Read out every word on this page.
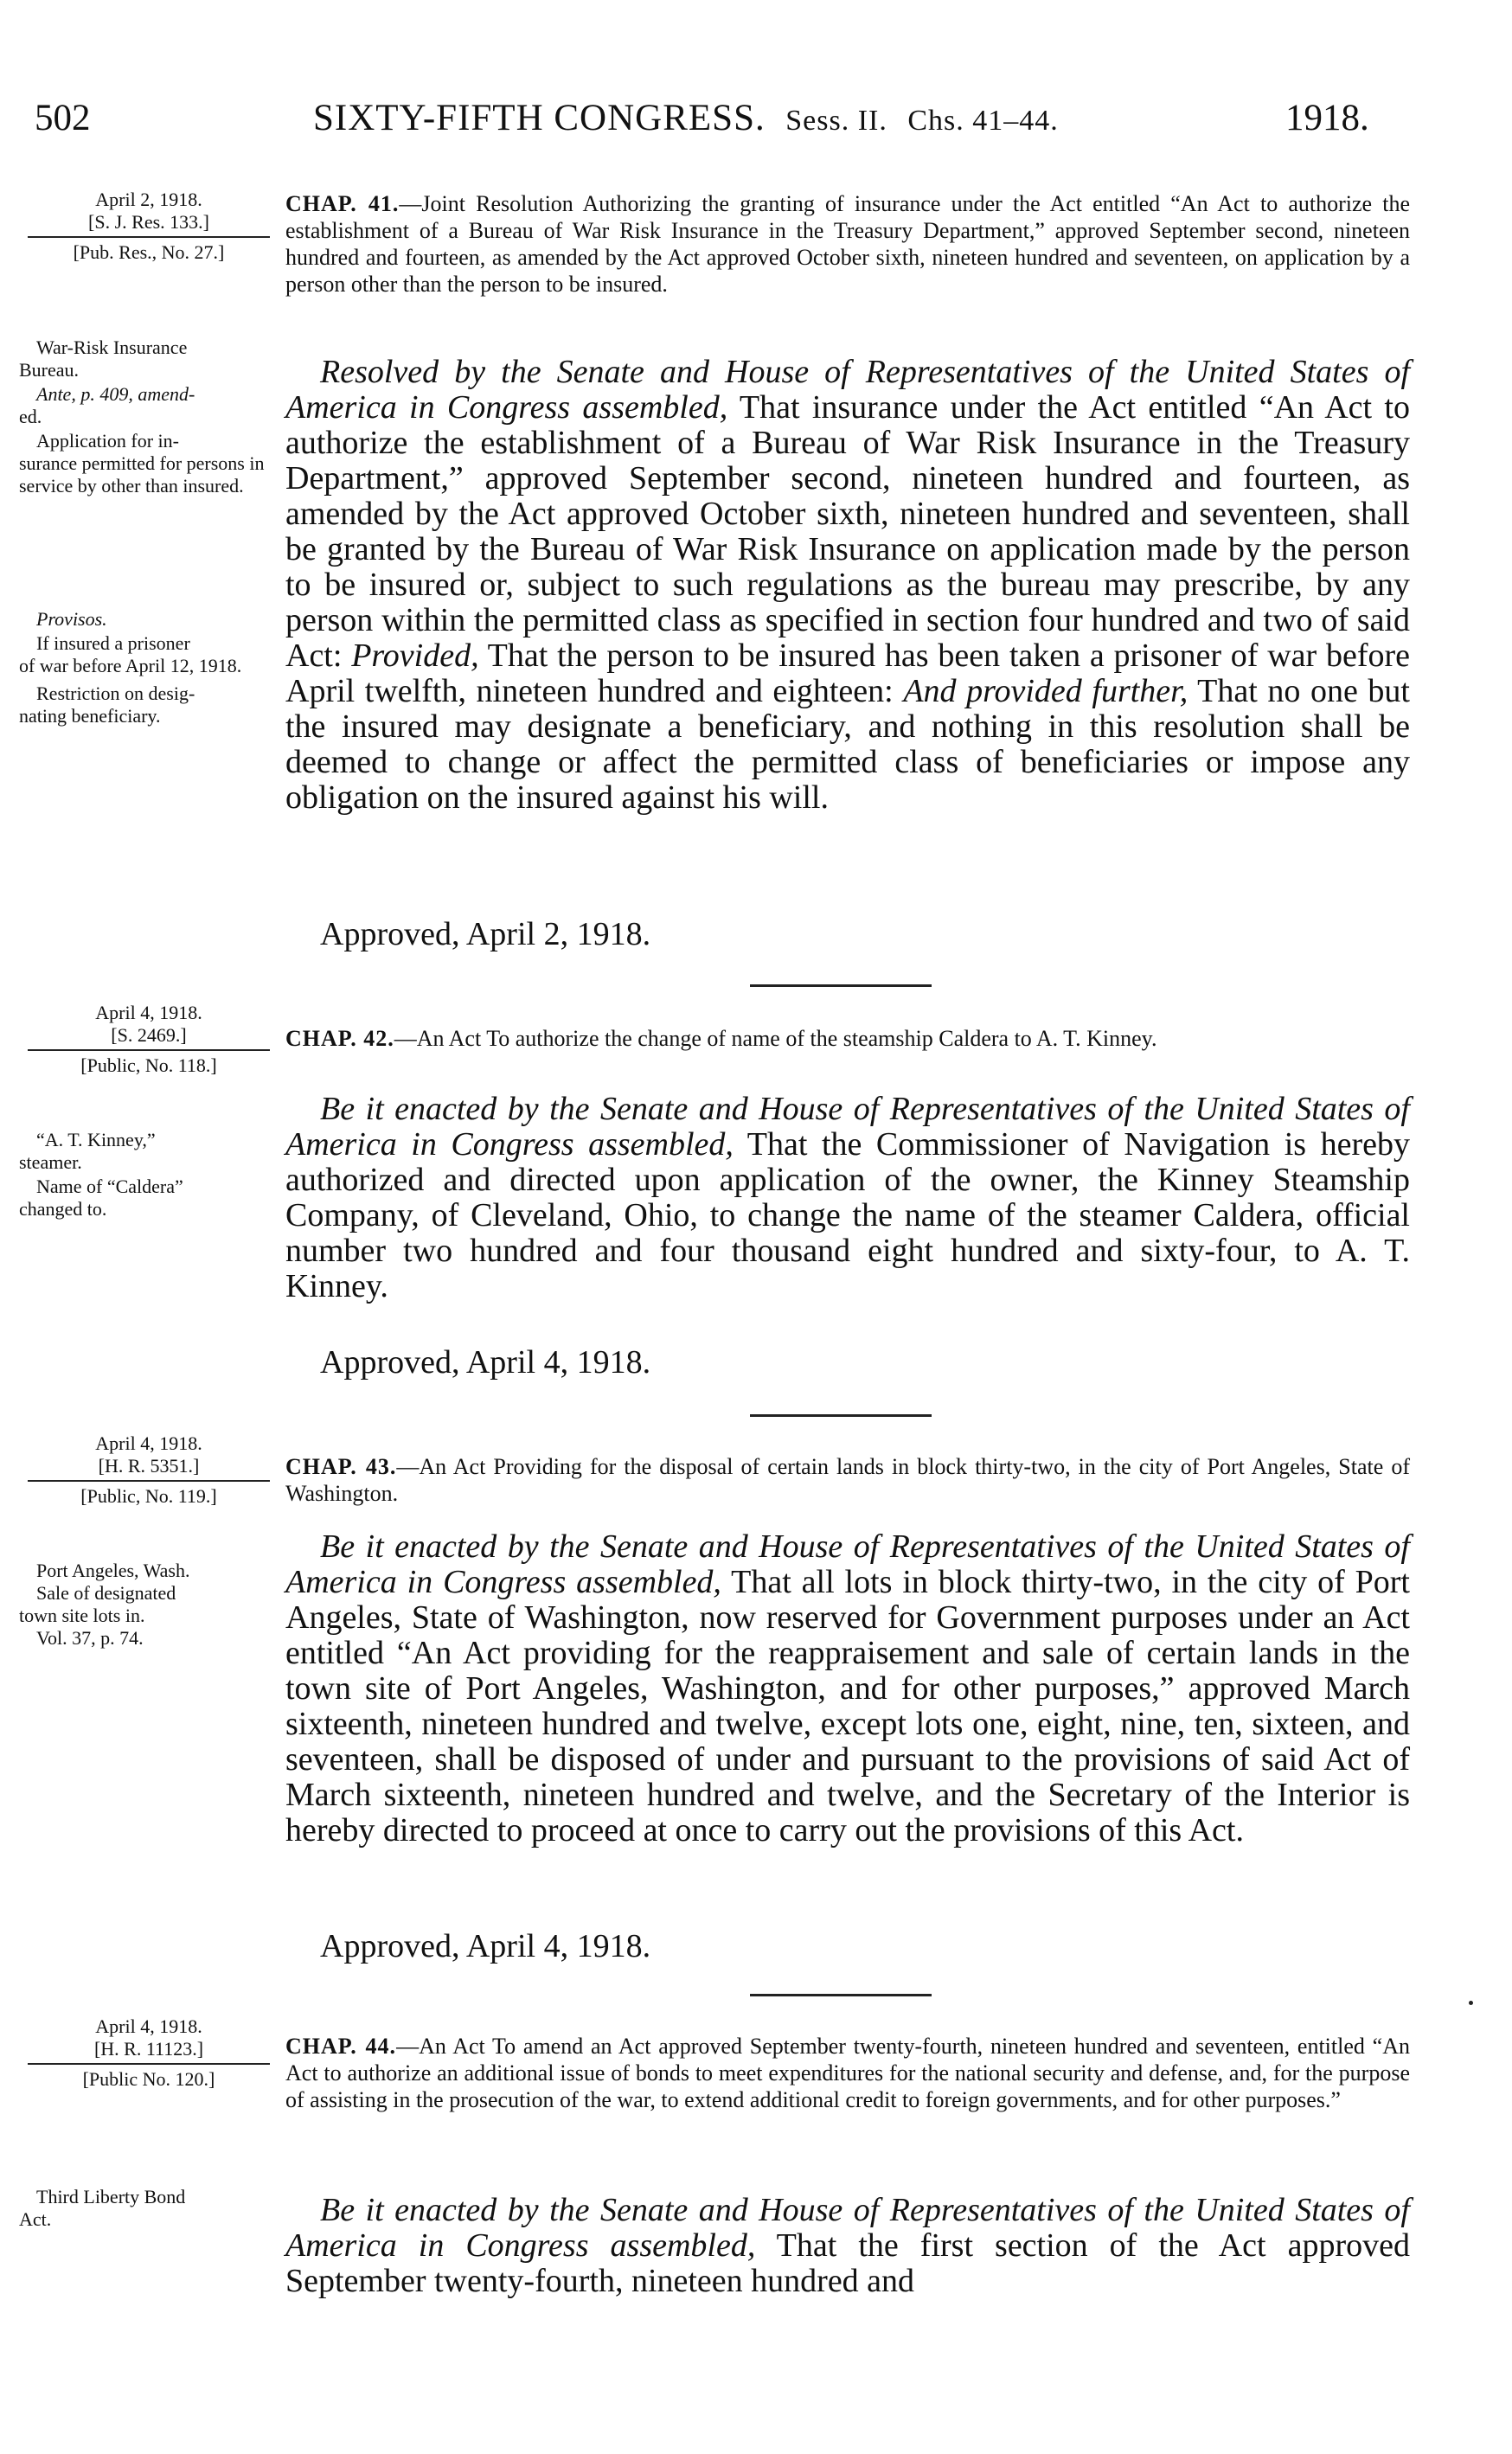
502	SIXTY-FIFTH CONGRESS. Sess. II. Chs. 41–44.	1918.
April 2, 1918.
[S. J. Res. 133.]
[Pub. Res., No. 27.]
War-Risk Insurance
Bureau.
Ante, p. 409, amend-
ed.
Application for in-
surance permitted for persons in service by other than insured.
Provisos.
If insured a prisoner
of war before April 12, 1918.
Restriction on desig-
nating beneficiary.
CHAP. 41.—Joint Resolution Authorizing the granting of insurance under the Act entitled “An Act to authorize the establishment of a Bureau of War Risk Insurance in the Treasury Department,” approved September second, nineteen hundred and fourteen, as amended by the Act approved October sixth, nineteen hundred and seventeen, on application by a person other than the person to be insured.

Resolved by the Senate and House of Representatives of the United States of America in Congress assembled, That insurance under the Act entitled “An Act to authorize the establishment of a Bureau of War Risk Insurance in the Treasury Department,” approved September second, nineteen hundred and fourteen, as amended by the Act approved October sixth, nineteen hundred and seventeen, shall be granted by the Bureau of War Risk Insurance on application made by the person to be insured or, subject to such regulations as the bureau may prescribe, by any person within the permitted class as specified in section four hundred and two of said Act: Provided, That the person to be insured has been taken a prisoner of war before April twelfth, nineteen hundred and eighteen: And provided further, That no one but the insured may designate a beneficiary, and nothing in this resolution shall be deemed to change or affect the permitted class of beneficiaries or impose any obligation on the insured against his will.

Approved, April 2, 1918.
April 4, 1918.
[S. 2469.]
[Public, No. 118.]
“A. T. Kinney,”
steamer.
Name of “Caldera”
changed to.
CHAP. 42.—An Act To authorize the change of name of the steamship Caldera to A. T. Kinney.

Be it enacted by the Senate and House of Representatives of the United States of America in Congress assembled, That the Commissioner of Navigation is hereby authorized and directed upon application of the owner, the Kinney Steamship Company, of Cleveland, Ohio, to change the name of the steamer Caldera, official number two hundred and four thousand eight hundred and sixty-four, to A. T. Kinney.

Approved, April 4, 1918.
April 4, 1918.
[H. R. 5351.]
[Public, No. 119.]
Port Angeles, Wash.
Sale of designated
town site lots in.
Vol. 37, p. 74.
CHAP. 43.—An Act Providing for the disposal of certain lands in block thirty-two, in the city of Port Angeles, State of Washington.

Be it enacted by the Senate and House of Representatives of the United States of America in Congress assembled, That all lots in block thirty-two, in the city of Port Angeles, State of Washington, now reserved for Government purposes under an Act entitled “An Act providing for the reappraisement and sale of certain lands in the town site of Port Angeles, Washington, and for other purposes,” approved March sixteenth, nineteen hundred and twelve, except lots one, eight, nine, ten, sixteen, and seventeen, shall be disposed of under and pursuant to the provisions of said Act of March sixteenth, nineteen hundred and twelve, and the Secretary of the Interior is hereby directed to proceed at once to carry out the provisions of this Act.

Approved, April 4, 1918.
April 4, 1918.
[H. R. 11123.]
[Public No. 120.]
Third Liberty Bond
Act.
CHAP. 44.—An Act To amend an Act approved September twenty-fourth, nineteen hundred and seventeen, entitled “An Act to authorize an additional issue of bonds to meet expenditures for the national security and defense, and, for the purpose of assisting in the prosecution of the war, to extend additional credit to foreign governments, and for other purposes.”

Be it enacted by the Senate and House of Representatives of the United States of America in Congress assembled, That the first section of the Act approved September twenty-fourth, nineteen hundred and
